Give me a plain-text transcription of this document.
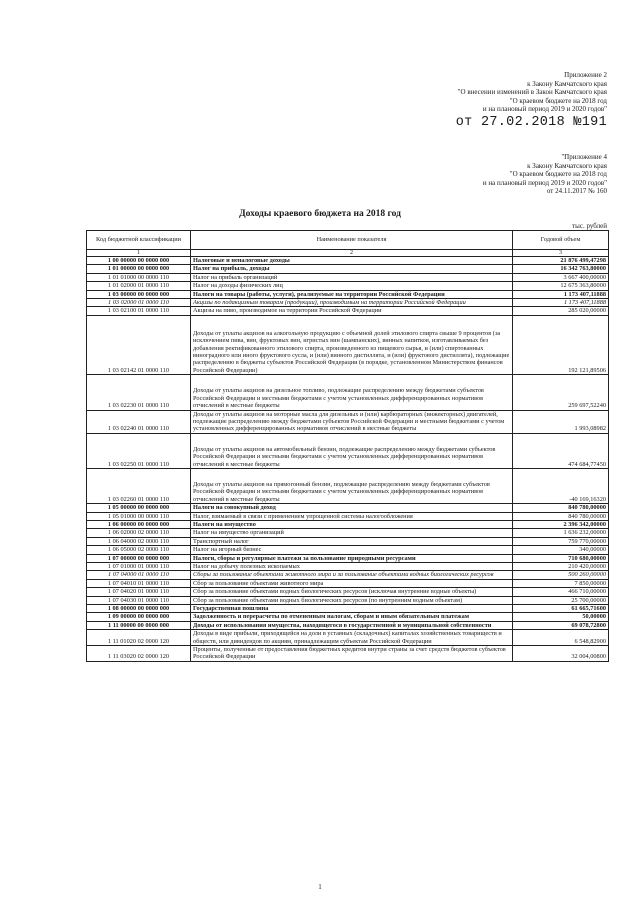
Приложение 2
к Закону Камчатского края
"О внесении изменений в Закон Камчатского края
"О краевом бюджете на 2018 год
и на плановый период 2019 и 2020 годов"
от 27.02.2018 №191
"Приложение 4
к Закону Камчатского края
"О краевом бюджете на 2018 год
и на плановый период 2019 и 2020 годов"
от 24.11.2017 № 160
Доходы краевого бюджета на 2018 год
тыс. рублей
Код бюджетной классификации	Наименование показателя	Годовой объем
1	2	3
1 00 00000 00 0000 000	Налоговые и неналоговые доходы	21 876 499,47298
1 01 00000 00 0000 000	Налог на прибыль, доходы	16 342 763,80000
1 01 01000 00 0000 110	Налог на прибыль организаций	3 667 400,00000
1 01 02000 01 0000 110	Налог на доходы физических лиц	12 675 363,80000
1 03 00000 00 0000 000	Налоги на товары (работы, услуги), реализуемые на территории Российской Федерации	1 173 407,11888
1 03 02000 01 0000 110	Акцизы по подакцизным товарам (продукции), производимым на территории Российской Федерации	1 173 407,11888
1 03 02100 01 0000 110	Акцизы на пиво, производимое на территории Российской Федерации	285 020,00000
1 03 02142 01 0000 110	Доходы от уплаты акцизов на алкогольную продукцию с объемной долей этилового спирта свыше 9 процентов (за исключением пива, вин, фруктовых вин, игристых вин (шампанских), винных напитков, изготавливаемых без добавления ректификованного этилового спирта, произведенного из пищевого сырья, и (или) спиртованных виноградного или иного фруктового сусла, и (или) винного дистиллята, и (или) фруктового дистиллята), подлежащие распределению в бюджеты субъектов Российской Федерации (в порядке, установленном Министерством финансов Российской Федерации)	192 121,89506
1 03 02230 01 0000 110	Доходы от уплаты акцизов на дизельное топливо, подлежащие распределению между бюджетами субъектов Российской Федерации и местными бюджетами с учетом установленных дифференцированных нормативов отчислений в местные бюджеты	259 697,52240
1 03 02240 01 0000 110	Доходы от уплаты акцизов на моторные масла для дизельных и (или) карбюраторных (инжекторных) двигателей, подлежащие распределению между бюджетами субъектов Российской Федерации и местными бюджетами с учетом установленных дифференцированных нормативов отчислений в местные бюджеты	1 993,08982
1 03 02250 01 0000 110	Доходы от уплаты акцизов на автомобильный бензин, подлежащие распределению между бюджетами субъектов Российской Федерации и местными бюджетами с учетом установленных дифференцированных нормативов отчислений в местные бюджеты	474 684,77450
1 03 02260 01 0000 110	Доходы от уплаты акцизов на прямогонный бензин, подлежащие распределению между бюджетами субъектов Российской Федерации и местными бюджетами с учетом установленных дифференцированных нормативов отчислений в местные бюджеты	-40 169,16320
1 05 00000 00 0000 000	Налоги на совокупный доход	840 780,00000
1 05 01000 00 0000 110	Налог, взимаемый в связи с применением упрощенной системы налогообложения	840 780,00000
1 06 00000 00 0000 000	Налоги на имущество	2 396 342,00000
1 06 02000 02 0000 110	Налог на имущество организаций	1 636 232,00000
1 06 04000 02 0000 110	Транспортный налог	759 770,00000
1 06 05000 02 0000 110	Налог на игорный бизнес	340,00000
1 07 00000 00 0000 000	Налоги, сборы и регулярные платежи за пользование природными ресурсами	710 680,00000
1 07 01000 01 0000 110	Налог на добычу полезных ископаемых	210 420,00000
1 07 04000 01 0000 110	Сборы за пользование объектами животного мира и за пользование объектами водных биологических ресурсов	500 260,00000
1 07 04010 01 0000 110	Сбор за пользование объектами животного мира	7 850,00000
1 07 04020 01 0000 110	Сбор за пользование объектами водных биологических ресурсов (исключая внутренние водные объекты)	466 710,00000
1 07 04030 01 0000 110	Сбор за пользование объектами водных биологических ресурсов (по внутренним водным объектам)	25 700,00000
1 08 00000 00 0000 000	Государственная пошлина	61 665,71600
1 09 00000 00 0000 000	Задолженность и перерасчеты по отмененным налогам, сборам и иным обязательным платежам	50,00000
1 11 00000 00 0000 000	Доходы от использования имущества, находящегося в государственной и муниципальной собственности	69 078,72800
1 11 01020 02 0000 120	Доходы в виде прибыли, приходящейся на доли в уставных (складочных) капиталах хозяйственных товариществ и обществ, или дивидендов по акциям, принадлежащим субъектам Российской Федерации	6 548,82900
1 11 03020 02 0000 120	Проценты, полученные от предоставления бюджетных кредитов внутри страны за счет средств бюджетов субъектов Российской Федерации	32 004,00800
1
